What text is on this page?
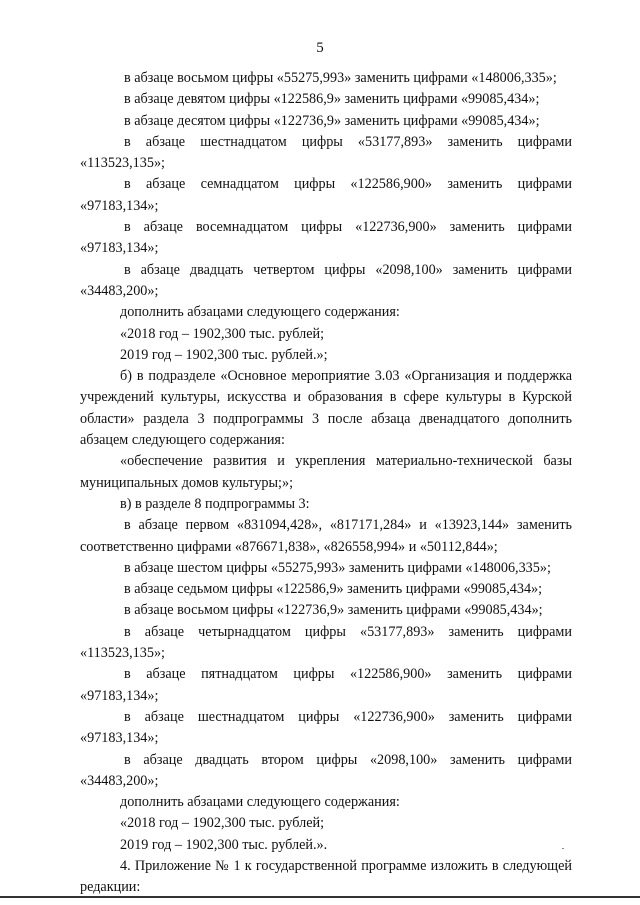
5

в абзаце восьмом цифры «55275,993» заменить цифрами «148006,335»;

в абзаце девятом цифры «122586,9» заменить цифрами «99085,434»;

в абзаце десятом цифры «122736,9» заменить цифрами «99085,434»;

в абзаце шестнадцатом цифры «53177,893» заменить цифрами «113523,135»;

в абзаце семнадцатом цифры «122586,900» заменить цифрами «97183,134»;

в абзаце восемнадцатом цифры «122736,900» заменить цифрами «97183,134»;

в абзаце двадцать четвертом цифры «2098,100» заменить цифрами «34483,200»;

дополнить абзацами следующего содержания:

«2018 год – 1902,300 тыс. рублей;

2019 год – 1902,300 тыс. рублей.»;

б) в подразделе «Основное мероприятие 3.03 «Организация и поддержка учреждений культуры, искусства и образования в сфере культуры в Курской области» раздела 3 подпрограммы 3 после абзаца двенадцатого дополнить абзацем следующего содержания:

«обеспечение развития и укрепления материально-технической базы муниципальных домов культуры;»;

в) в разделе 8 подпрограммы 3:

в абзаце первом «831094,428», «817171,284» и «13923,144» заменить соответственно цифрами «876671,838», «826558,994» и «50112,844»;

в абзаце шестом цифры «55275,993» заменить цифрами «148006,335»;

в абзаце седьмом цифры «122586,9» заменить цифрами «99085,434»;

в абзаце восьмом цифры «122736,9» заменить цифрами «99085,434»;

в абзаце четырнадцатом цифры «53177,893» заменить цифрами «113523,135»;

в абзаце пятнадцатом цифры «122586,900» заменить цифрами «97183,134»;

в абзаце шестнадцатом цифры «122736,900» заменить цифрами «97183,134»;

в абзаце двадцать втором цифры «2098,100» заменить цифрами «34483,200»;

дополнить абзацами следующего содержания:

«2018 год – 1902,300 тыс. рублей;

2019 год – 1902,300 тыс. рублей.».

4. Приложение № 1 к государственной программе изложить в следующей редакции:
